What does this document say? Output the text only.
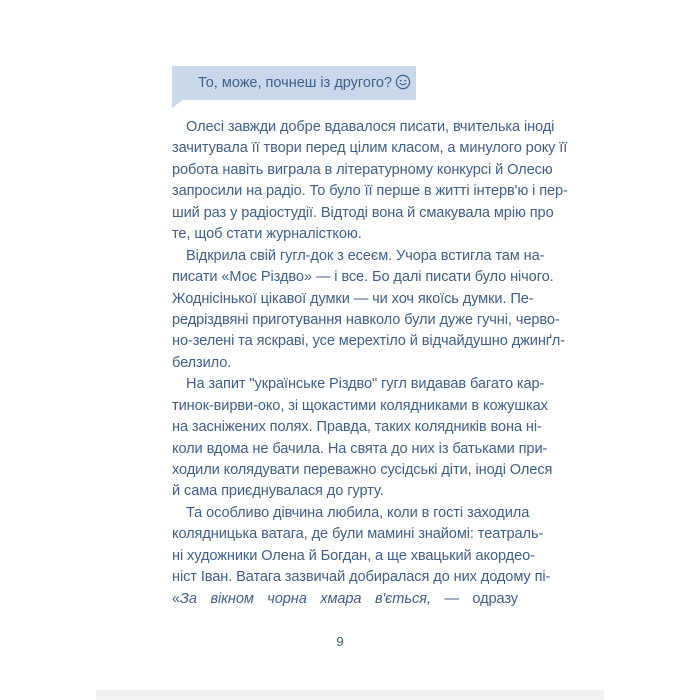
То, може, почнеш із другого?
Олесі завжди добре вдавалося писати, вчителька іноді
зачитувала її твори перед цілим класом, а минулого року її
робота навіть виграла в літературному конкурсі й Олесю
запросили на радіо. То було її перше в житті інтерв'ю і пер-
ший раз у радіостудії. Відтоді вона й смакувала мрію про
те, щоб стати журналісткою.
Відкрила свій гугл-док з есеєм. Учора встигла там на-
писати «Моє Різдво» — і все. Бо далі писати було нічого.
Жоднісінької цікавої думки — чи хоч якоїсь думки. Пе-
редріздвяні приготування навколо були дуже гучні, черво-
но-зелені та яскраві, усе мерехтіло й відчайдушно джинґл-
белзило.
На запит "українське Різдво" гугл видавав багато кар-
тинок-вирви-око, зі щокастими колядниками в кожушках
на засніжених полях. Правда, таких колядників вона ні-
коли вдома не бачила. На свята до них із батьками при-
ходили колядувати переважно сусідські діти, іноді Олеся
й сама приєднувалася до гурту.
Та особливо дівчина любила, коли в гості заходила
колядницька ватага, де були мамині знайомі: театраль-
ні художники Олена й Богдан, а ще хвацький акордео-
ніст Іван. Ватага зазвичай добиралася до них додому пі-
«За вікном чорна хмара в'ється, — одразу
9
